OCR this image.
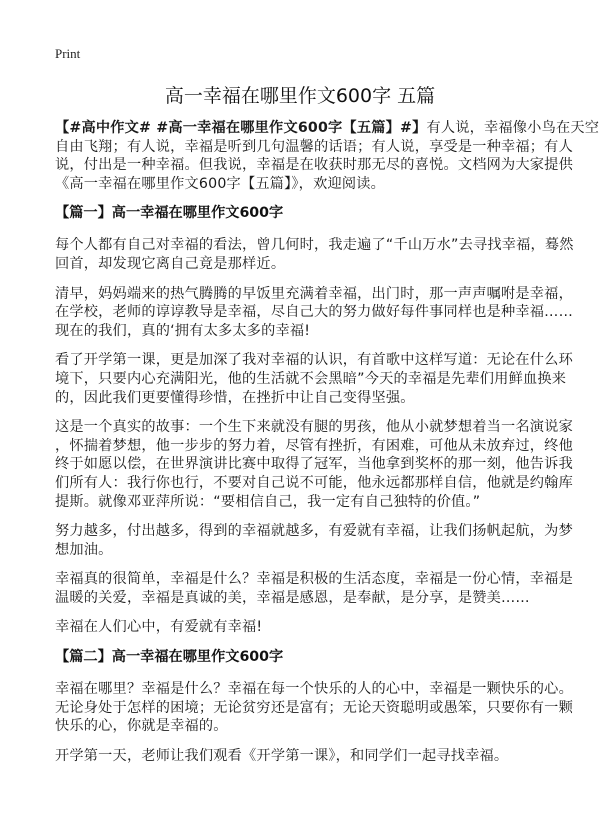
Print
高一幸福在哪里作文600字 五篇
【#高中作文# #高一幸福在哪里作文600字【五篇】#】有人说，幸福像小鸟在天空
自由飞翔；有人说，幸福是听到几句温馨的话语；有人说，享受是一种幸福；有人
说，付出是一种幸福。但我说，幸福是在收获时那无尽的喜悦。文档网为大家提供
《高一幸福在哪里作文600字【五篇】》，欢迎阅读。
【篇一】高一幸福在哪里作文600字
每个人都有自己对幸福的看法，曾几何时，我走遍了“千山万水”去寻找幸福，蓦然
回首，却发现它离自己竟是那样近。
清早，妈妈端来的热气腾腾的早饭里充满着幸福，出门时，那一声声嘱咐是幸福，
在学校，老师的谆谆教导是幸福，尽自己大的努力做好每件事同样也是种幸福……
现在的我们，真的‘拥有太多太多的幸福!
看了开学第一课，更是加深了我对幸福的认识，有首歌中这样写道：无论在什么环
境下，只要内心充满阳光，他的生活就不会黑暗”今天的幸福是先辈们用鲜血换来
的，因此我们更要懂得珍惜，在挫折中让自己变得坚强。
这是一个真实的故事：一个生下来就没有腿的男孩，他从小就梦想着当一名演说家
，怀揣着梦想，他一步步的努力着，尽管有挫折，有困难，可他从未放弃过，终他
终于如愿以偿，在世界演讲比赛中取得了冠军，当他拿到奖杯的那一刻，他告诉我
们所有人：我行你也行，不要对自己说不可能，他永远都那样自信，他就是约翰库
提斯。就像邓亚萍所说：“要相信自己，我一定有自己独特的价值。”
努力越多，付出越多，得到的幸福就越多，有爱就有幸福，让我们扬帆起航，为梦
想加油。
幸福真的很简单，幸福是什么？幸福是积极的生活态度，幸福是一份心情，幸福是
温暖的关爱，幸福是真诚的美，幸福是感恩，是奉献，是分享，是赞美……
幸福在人们心中，有爱就有幸福!
【篇二】高一幸福在哪里作文600字
幸福在哪里？幸福是什么？幸福在每一个快乐的人的心中，幸福是一颗快乐的心。
无论身处于怎样的困境；无论贫穷还是富有；无论天资聪明或愚笨，只要你有一颗
快乐的心，你就是幸福的。
开学第一天，老师让我们观看《开学第一课》，和同学们一起寻找幸福。
